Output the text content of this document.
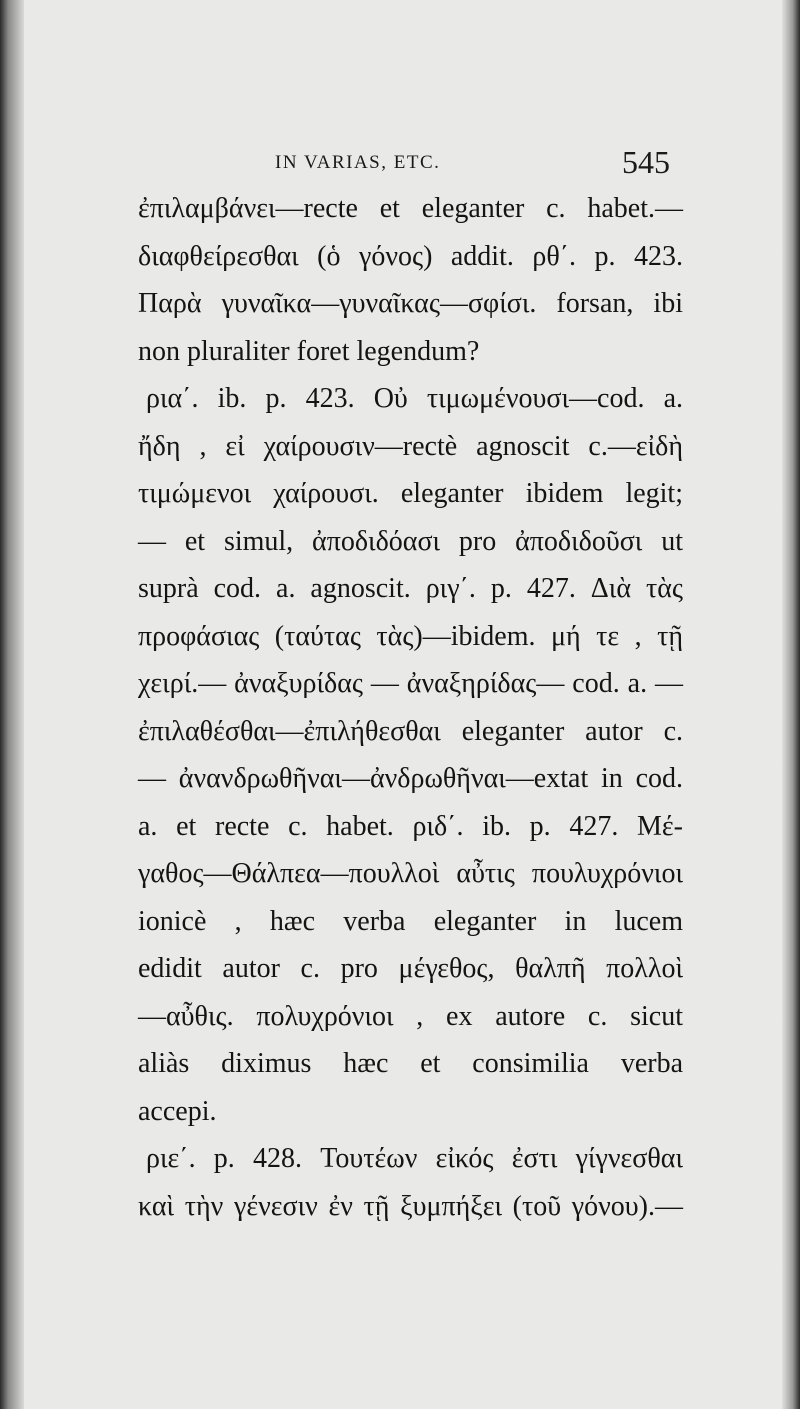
IN VARIAS, ETC.	545
ἐπιλαμβάνει—recte et eleganter c. habet.—
διαφθείρεσθαι (ὁ γόνος) addit. ρθ΄. p. 423.
Παρὰ γυναῖκα—γυναῖκας—σφίσι. forsan, ibi
non pluraliter foret legendum?
ρια΄. ib. p. 423. Οὐ τιμωμένουσι—cod. a.
ἤδη , εἰ χαίρουσιν—rectè agnoscit c.—εἰδὴ
τιμώμενοι χαίρουσι. eleganter ibidem legit;
— et simul, ἀποδιδόασι pro ἀποδιδοῦσι ut
suprà cod. a. agnoscit. ριγ΄. p. 427. Διὰ τὰς
προφάσιας (ταύτας τὰς)—ibidem. μή τε , τῇ
χειρί.— ἀναξυρίδας — ἀναξηρίδας— cod. a. —
ἐπιλαθέσθαι—ἐπιλήθεσθαι eleganter autor c.
— ἀνανδρωθῆναι—ἀνδρωθῆναι—extat in cod.
a. et recte c. habet. ριδ΄. ib. p. 427. Μέ-
γαθος—Θάλπεα—πουλλοὶ αὖτις πουλυχρόνιοι
ionicè , hæc verba eleganter in lucem
edidit autor c. pro μέγεθος, θαλπῆ πολλοὶ
—αὖθις. πολυχρόνιοι , ex autore c. sicut
aliàs diximus hæc et consimilia verba
accepi.
ριε΄. p. 428. Τουτέων εἰκός ἐστι γίγνεσθαι
καὶ τὴν γένεσιν ἐν τῇ ξυμπήξει (τοῦ γόνου).—
